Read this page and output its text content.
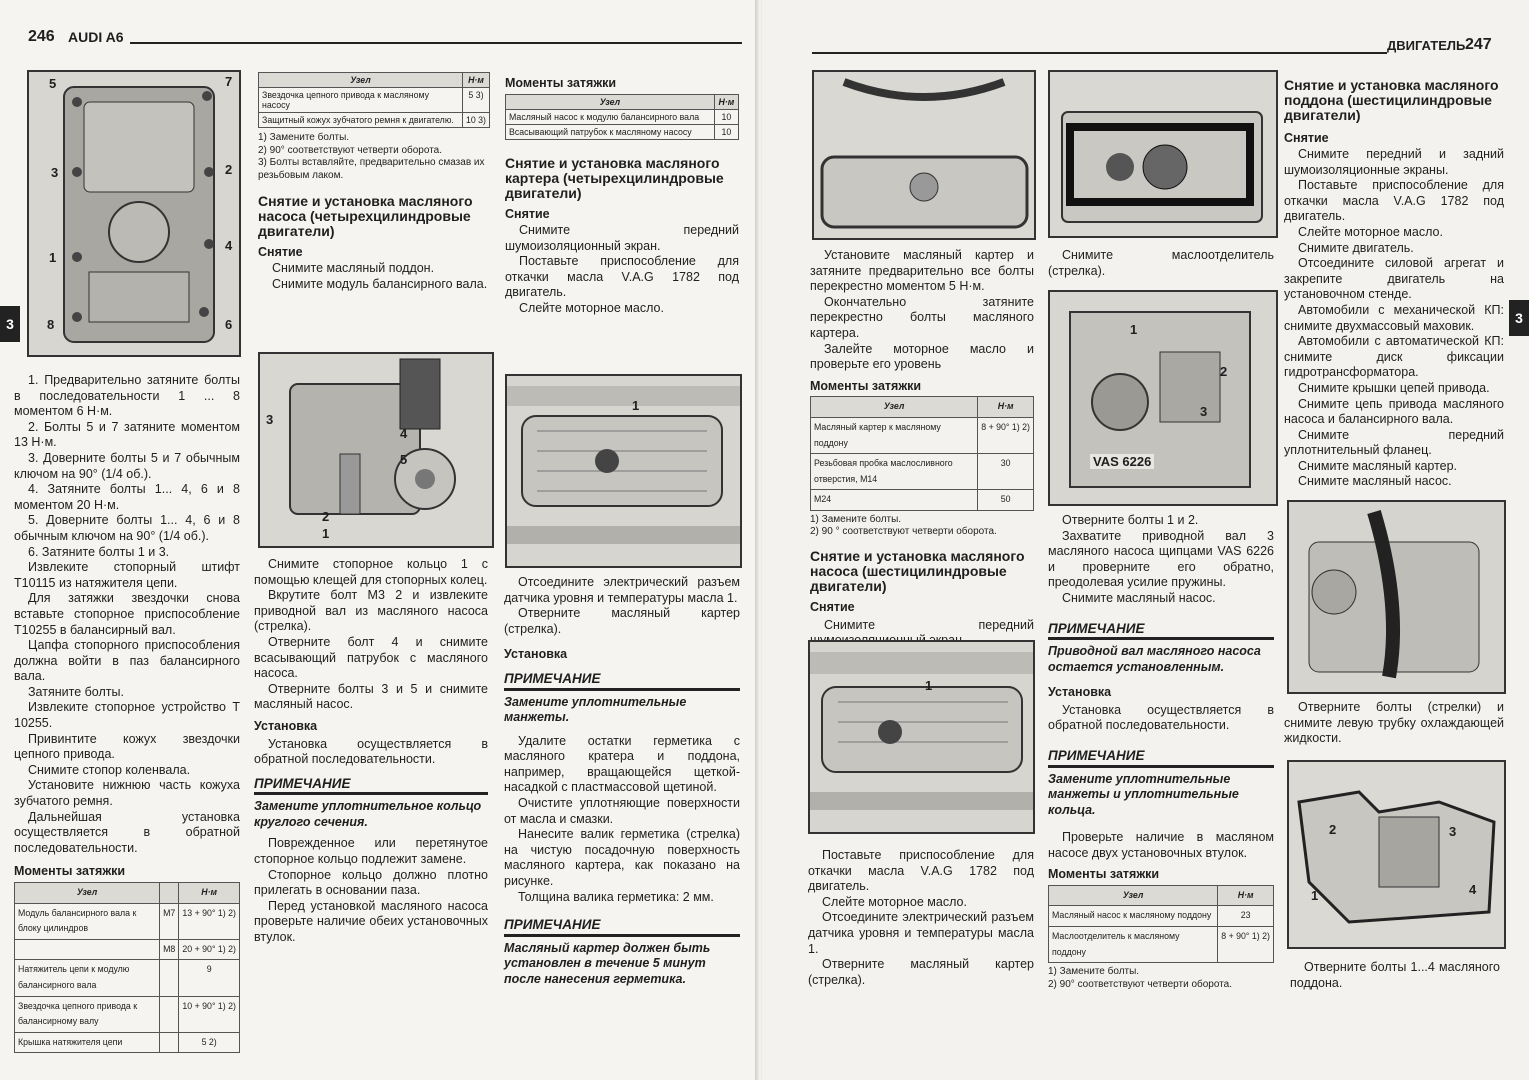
246 AUDI A6
3
5	7
3	2
4
1
8	6

1. Предварительно затяните болты в последовательности 1 ... 8 моментом 6 Н·м.

2. Болты 5 и 7 затяните моментом 13 Н·м.

3. Доверните болты 5 и 7 обычным ключом на 90° (1/4 об.).

4. Затяните болты 1... 4, 6 и 8 моментом 20 Н·м.

5. Доверните болты 1... 4, 6 и 8 обычным ключом на 90° (1/4 об.).

6. Затяните болты 1 и 3.

Извлеките стопорный штифт Т10115 из натяжителя цепи.

Для затяжки звездочки снова вставьте стопорное приспособление Т10255 в балансирный вал.

Цапфа стопорного приспособления должна войти в паз балансирного вала.

Затяните болты.

Извлеките стопорное устройство Т 10255.

Привинтите кожух звездочки цепного привода.

Снимите стопор коленвала.

Установите нижнюю часть кожуха зубчатого ремня.

Дальнейшая установка осуществляется в обратной последовательности.

Моменты затяжки
Узел		Н·м
Модуль балансирного вала к блоку цилиндров	M7	13 + 90° 1) 2)
	M8	20 + 90° 1) 2)
Натяжитель цепи к модулю балансирного вала		9
Звездочка цепного привода к балансирному валу		10 + 90° 1) 2)
Крышка натяжителя цепи		5 2)
Узел	Н·м
Звездочка цепного привода к масляному насосу	5 3)
Защитный кожух зубчатого ремня к двигателю.	10 3)
1) Замените болты.
2) 90° соответствуют четверти оборота.
3) Болты вставляйте, предварительно смазав их резьбовым лаком.
Снятие и установка масляного насоса (четырехцилиндровые двигатели)
Снятие

Снимите масляный поддон.

Снимите модуль балансирного вала.

3
4
5
2
1

Снимите стопорное кольцо 1 с помощью клещей для стопорных колец.

Вкрутите болт М3 2 и извлеките приводной вал из масляного насоса (стрелка).

Отверните болт 4 и снимите всасывающий патрубок с масляного насоса.

Отверните болты 3 и 5 и снимите масляный насос.

Установка

Установка осуществляется в обратной последовательности.

ПРИМЕЧАНИЕ
Замените уплотнительное кольцо круглого сечения.

Поврежденное или перетянутое стопорное кольцо подлежит замене.

Стопорное кольцо должно плотно прилегать в основании паза.

Перед установкой масляного насоса проверьте наличие обеих установочных втулок.

Моменты затяжки
Узел	Н·м
Масляный насос к модулю балансирного вала	10
Всасывающий патрубок к масляному насосу	10
Снятие и установка масляного картера (четырехцилиндровые двигатели)
Снятие

Снимите передний шумоизоляционный экран.

Поставьте приспособление для откачки масла V.A.G 1782 под двигатель.

Слейте моторное масло.

1

Отсоедините электрический разъем датчика уровня и температуры масла 1.

Отверните масляный картер (стрелка).

Установка
ПРИМЕЧАНИЕ
Замените уплотнительные манжеты.

Удалите остатки герметика с масляного кратера и поддона, например, вращающейся щеткой-насадкой с пластмассовой щетиной.

Очистите уплотняющие поверхности от масла и смазки.

Нанесите валик герметика (стрелка) на чистую посадочную поверхность масляного картера, как показано на рисунке.

Толщина валика герметика: 2 мм.

ПРИМЕЧАНИЕ
Масляный картер должен быть установлен в течение 5 минут после нанесения герметика.
ДВИГАТЕЛЬ 247
3

Установите масляный картер и затяните предварительно все болты перекрестно моментом 5 Н·м.

Окончательно затяните перекрестно болты масляного картера.

Залейте моторное масло и проверьте его уровень

Моменты затяжки
Узел	Н·м
Масляный картер к масляному поддону	8 + 90° 1) 2)
Резьбовая пробка маслосливного отверстия, М14	30
М24	50
1) Замените болты.
2) 90 ° соответствуют четверти оборота.
Снятие и установка масляного насоса (шестицилиндровые двигатели)
Снятие

Снимите передний

1

Поставьте приспособление для откачки масла V.A.G 1782 под двигатель.

Слейте моторное масло.

Отсоедините электрический разъем датчика уровня и температуры масла 1.

Отверните масляный картер (стрелка).

Снимите маслоотделитель (стрелка).

1
2
3
VAS 6226

Отверните болты 1 и 2.

Захватите приводной вал 3 масляного насоса щипцами VAS 6226 и проверните его обратно, преодолевая усилие пружины.

Снимите масляный насос.

ПРИМЕЧАНИЕ
Приводной вал масляного насоса остается установленным.
Установка

Установка осуществляется в обратной последовательности.

ПРИМЕЧАНИЕ
Замените уплотнительные манжеты и уплотнительные кольца.

Проверьте наличие в масляном насосе двух установочных втулок.

Моменты затяжки
Узел	Н·м
Масляный насос к масляному поддону	23
Маслоотделитель к масляному поддону	8 + 90° 1) 2)
1) Замените болты.
2) 90° соответствуют четверти оборота.
Снятие и установка масляного поддона (шестицилиндровые двигатели)
Снятие

Снимите передний и задний шумоизоляционные экраны.

Поставьте приспособление для откачки масла V.A.G 1782 под двигатель.

Слейте моторное масло.

Снимите двигатель.

Отсоедините силовой агрегат и закрепите двигатель на установочном стенде.

Автомобили с механической КП: снимите двухмассовый маховик.

Автомобили с автоматической КП: снимите диск фиксации гидротрансформатора.

Снимите крышки цепей привода.

Снимите цепь привода масляного насоса и балансирного вала.

Снимите передний уплотнительный фланец.

Снимите масляный картер.

Снимите масляный насос.

Отверните болты (стрелки) и снимите левую трубку охлаждающей жидкости.

2	3
1	4

Отверните болты 1...4 масляного поддона.
